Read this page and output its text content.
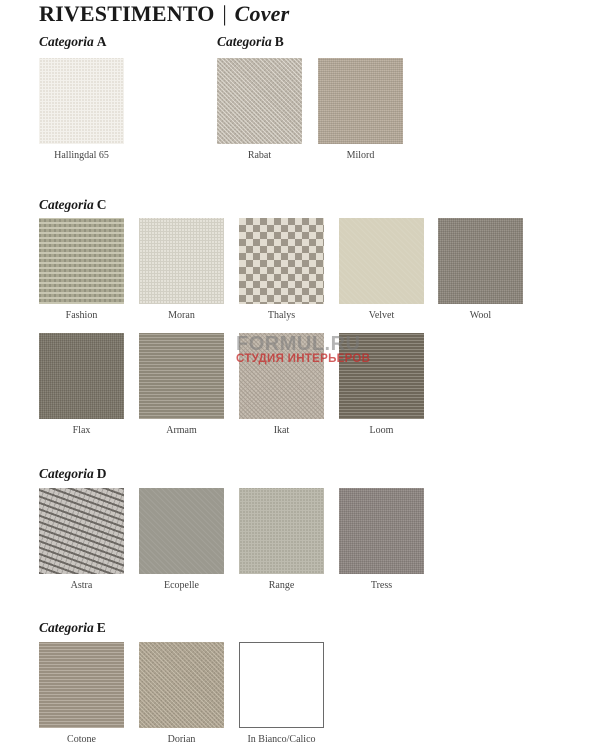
RIVESTIMENTO | Cover
Categoria A	Categoria B
Categoria C
Categoria D
Categoria E
Hallingdal 65	Rabat	Milord
Fashion	Moran	Thalys	Velvet	Wool
Flax	Armam	Ikat	Loom
Astra	Ecopelle	Range	Tress
Cotone	Dorian	In Bianco/Calico
FORMUL.RU
СТУДИЯ ИНТЕРЬЕРОВ
